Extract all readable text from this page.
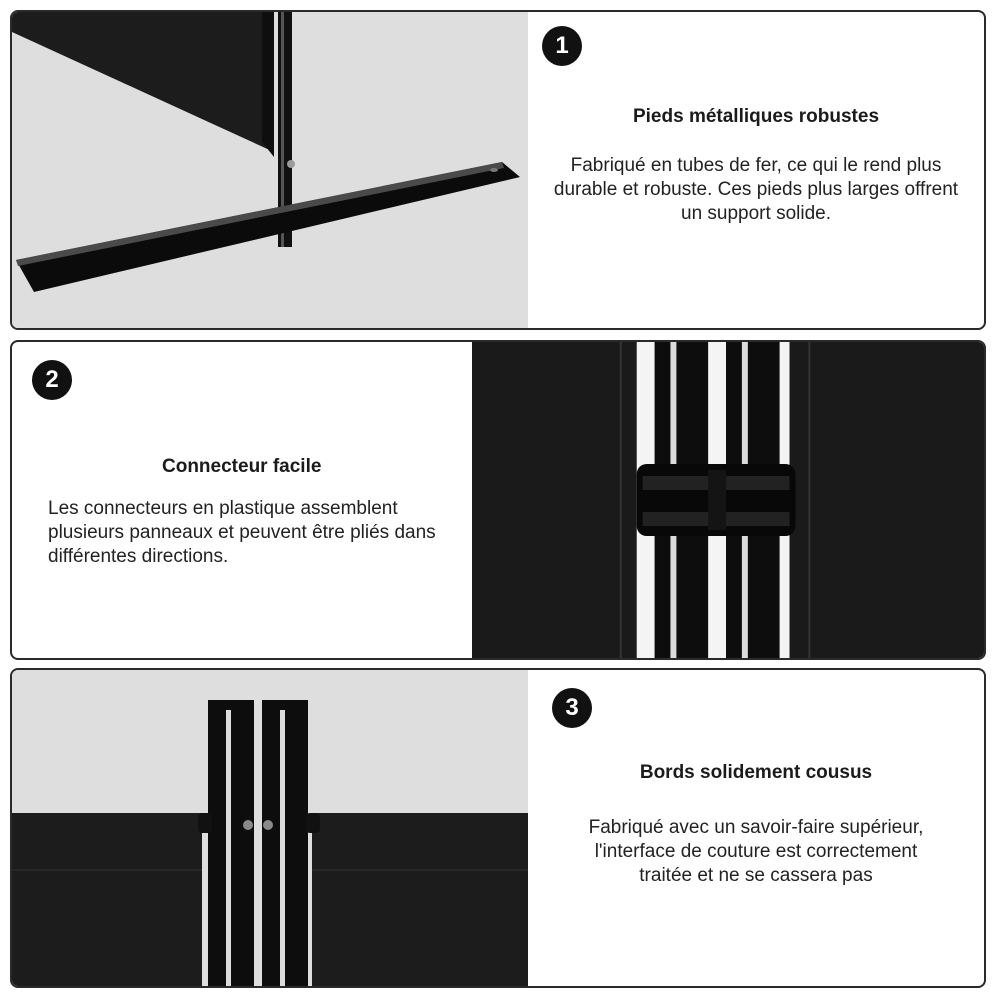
1
Pieds métalliques robustes
Fabriqué en tubes de fer, ce qui le rend plus durable et robuste. Ces pieds plus larges offrent un support solide.
2
Connecteur facile
Les connecteurs en plastique assemblent plusieurs panneaux et peuvent être pliés dans différentes directions.
3
Bords solidement cousus
Fabriqué avec un savoir-faire supérieur, l'interface de couture est correctement traitée et ne se cassera pas
